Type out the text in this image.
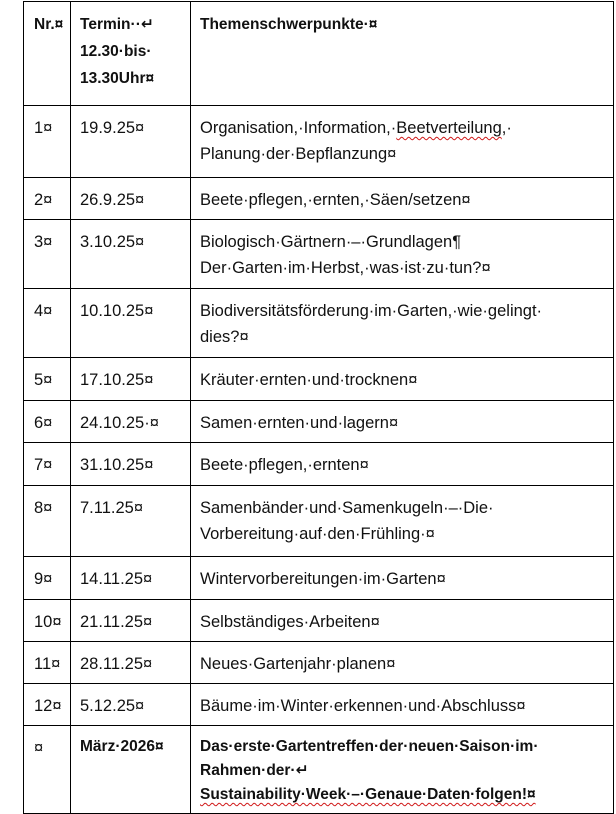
Nr.¤	Termin··↵
12.30·bis·
13.30Uhr¤	Themenschwerpunkte·¤
1¤	19.9.25¤	Organisation,·Information,·Beetverteilung,·
Planung·der·Bepflanzung¤

2¤	26.9.25¤	Beete·pflegen,·ernten,·Säen/setzen¤
3¤	3.10.25¤	Biologisch·Gärtnern·–·Grundlagen¶
Der·Garten·im·Herbst,·was·ist·zu·tun?¤

4¤	10.10.25¤	Biodiversitätsförderung·im·Garten,·wie·gelingt·
dies?¤

5¤	17.10.25¤	Kräuter·ernten·und·trocknen¤
6¤	24.10.25·¤	Samen·ernten·und·lagern¤
7¤	31.10.25¤	Beete·pflegen,·ernten¤
8¤	7.11.25¤	Samenbänder·und·Samenkugeln·–·Die·
Vorbereitung·auf·den·Frühling·¤

9¤	14.11.25¤	Wintervorbereitungen·im·Garten¤
10¤	21.11.25¤	Selbständiges·Arbeiten¤
11¤	28.11.25¤	Neues·Gartenjahr·planen¤
12¤	5.12.25¤	Bäume·im·Winter·erkennen·und·Abschluss¤
¤	März·2026¤	Das·erste·Gartentreffen·der·neuen·Saison·im·
Rahmen·der·↵
Sustainability·Week·–·Genaue·Daten·folgen!¤
